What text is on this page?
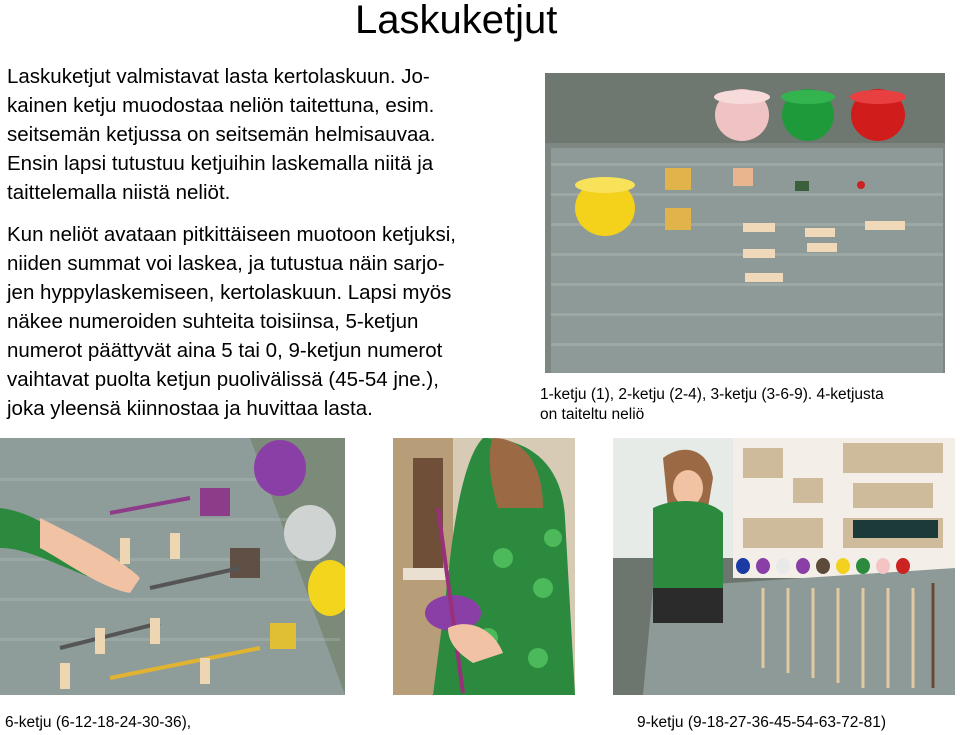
Laskuketjut
Laskuketjut valmistavat lasta kertolaskuun. Jo-
kainen ketju muodostaa neliön taitettuna, esim.
seitsemän ketjussa on seitsemän helmisauvaa.
Ensin lapsi tutustuu ketjuihin laskemalla niitä ja
taittelemalla niistä neliöt.
Kun neliöt avataan pitkittäiseen muotoon ketjuksi,
niiden summat voi laskea, ja tutustua näin sarjo-
jen hyppylaskemiseen, kertolaskuun. Lapsi myös
näkee numeroiden suhteita toisiinsa, 5-ketjun
numerot päättyvät aina 5 tai 0, 9-ketjun numerot
vaihtavat puolta ketjun puolivälissä (45-54 jne.),
joka yleensä kiinnostaa ja huvittaa lasta.
1-ketju (1), 2-ketju (2-4), 3-ketju (3-6-9). 4-ketjusta
on taiteltu neliö
6-ketju (6-12-18-24-30-36),	9-ketju (9-18-27-36-45-54-63-72-81)
